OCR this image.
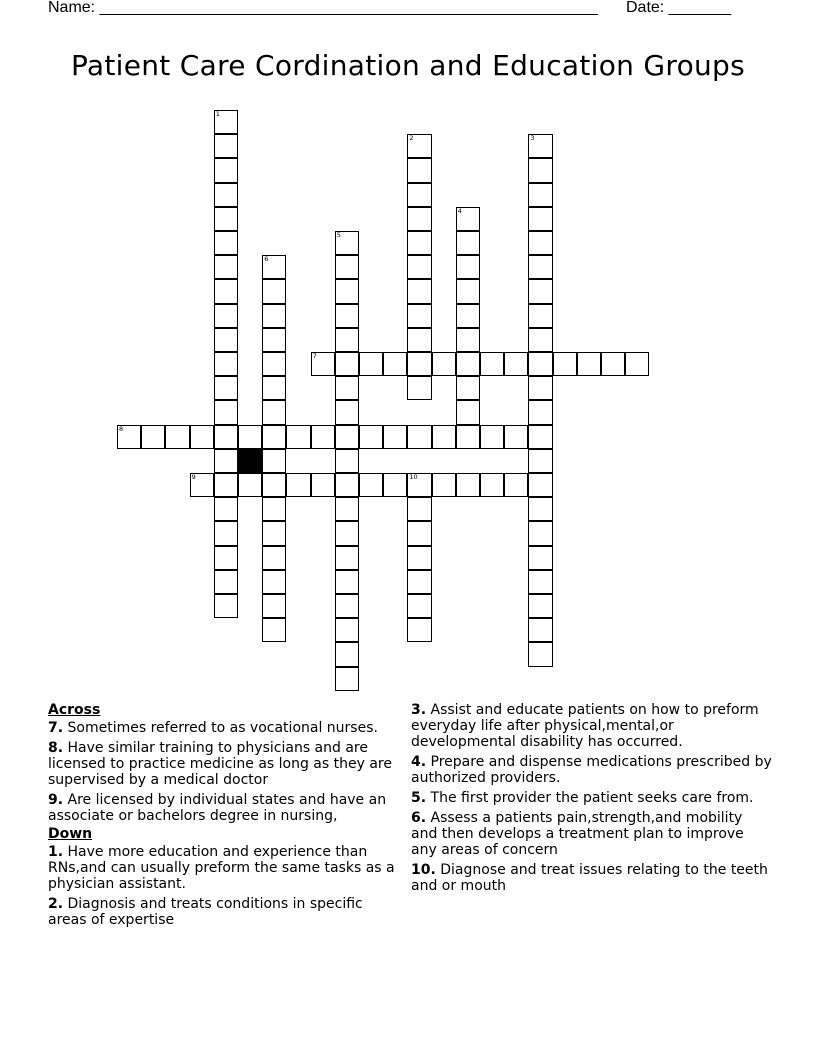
Name: ________________________________________________________ Date: _______
Patient Care Cordination and Education Groups
1
2	3
4
5
6
7
8
9	10
Across
7. Sometimes referred to as vocational nurses.
8. Have similar training to physicians and are licensed to practice medicine as long as they are supervised by a medical doctor
9. Are licensed by individual states and have an associate or bachelors degree in nursing,
Down
1. Have more education and experience than RNs,and can usually preform the same tasks as a physician assistant.
2. Diagnosis and treats conditions in specific areas of expertise
3. Assist and educate patients on how to preform everyday life after physical,mental,or developmental disability has occurred.
4. Prepare and dispense medications prescribed by authorized providers.
5. The first provider the patient seeks care from.
6. Assess a patients pain,strength,and mobility and then develops a treatment plan to improve any areas of concern
10. Diagnose and treat issues relating to the teeth and or mouth
